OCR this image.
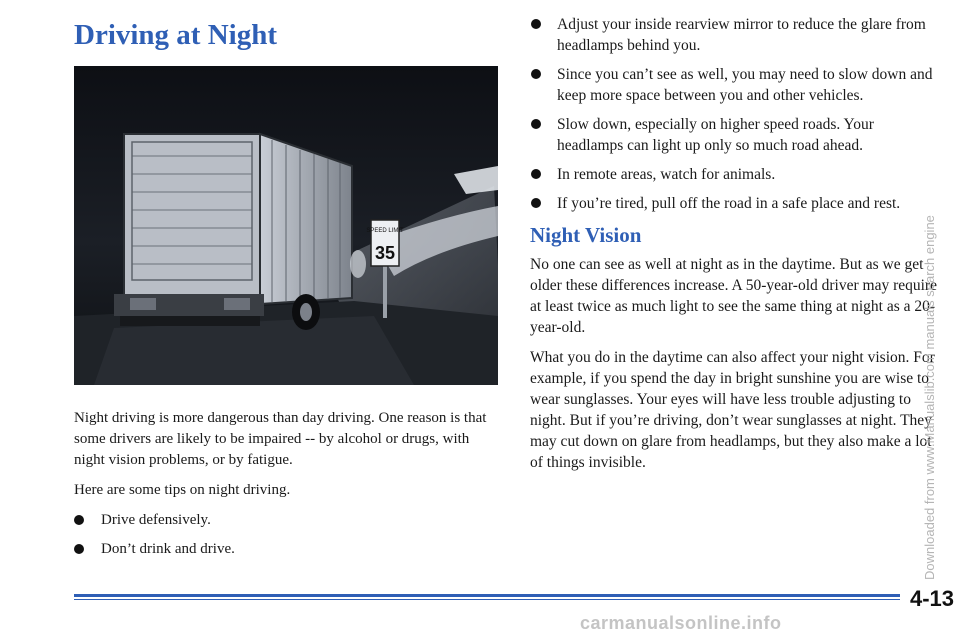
Driving at Night
SPEED LIMIT
35

Night driving is more dangerous than day driving. One reason is that some drivers are likely to be impaired -- by alcohol or drugs, with night vision problems, or by fatigue.

Here are some tips on night driving.

Drive defensively.
Don’t drink and drive.
Adjust your inside rearview mirror to reduce the glare from headlamps behind you.
Since you can’t see as well, you may need to slow down and keep more space between you and other vehicles.
Slow down, especially on higher speed roads. Your headlamps can light up only so much road ahead.
In remote areas, watch for animals.
If you’re tired, pull off the road in a safe place and rest.
Night Vision

No one can see as well at night as in the daytime. But as we get older these differences increase. A 50-year-old driver may require at least twice as much light to see the same thing at night as a 20-year-old.

What you do in the daytime can also affect your night vision. For example, if you spend the day in bright sunshine you are wise to wear sunglasses. Your eyes will have less trouble adjusting to night. But if you’re driving, don’t wear sunglasses at night. They may cut down on glare from headlamps, but they also make a lot of things invisible.

4-13
Downloaded from www.Manualslib.com manuals search engine
carmanualsonline.info
